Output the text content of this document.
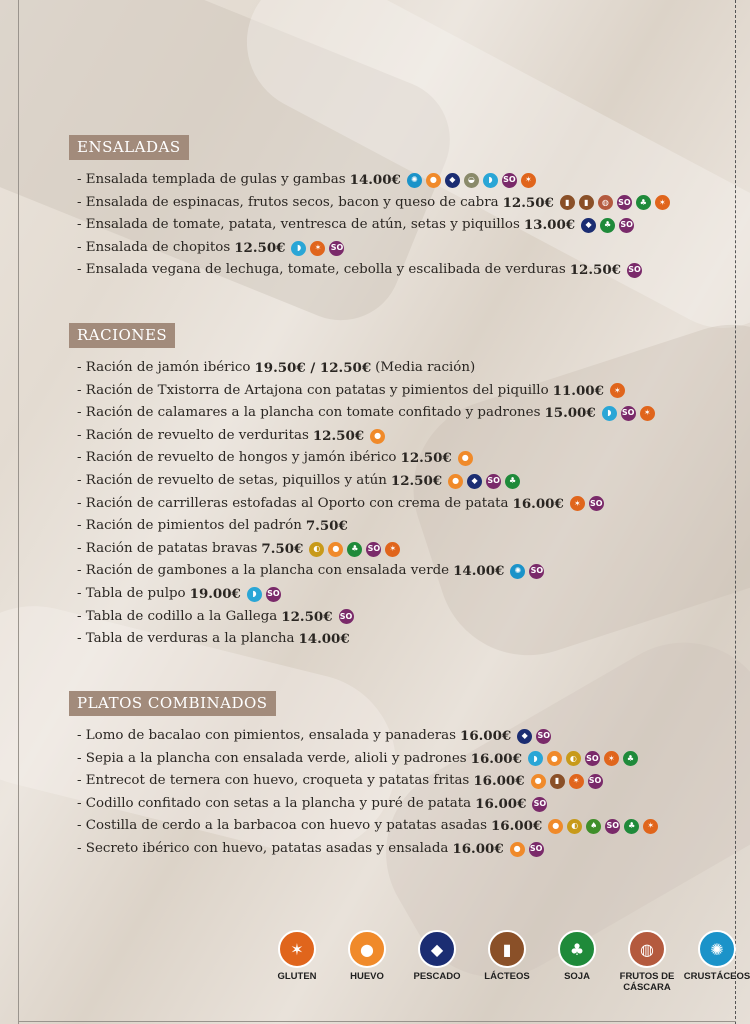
ENSALADAS
- Ensalada templada de gulas y gambas 14.00€	✺	●	◆	◒	◗	SO	✶
- Ensalada de espinacas, frutos secos, bacon y queso de cabra 12.50€	▮	▮	◍	SO	♣	✶
- Ensalada de tomate, patata, ventresca de atún, setas y piquillos 13.00€	◆	♣	SO
- Ensalada de chopitos 12.50€	◗	✶	SO
- Ensalada vegana de lechuga, tomate, cebolla y escalibada de verduras 12.50€ SO
RACIONES
- Ración de jamón ibérico 19.50€ / 12.50€ (Media ración)
- Ración de Txistorra de Artajona con patatas y pimientos del piquillo 11.00€	✶
- Ración de calamares a la plancha con tomate confitado y padrones 15.00€	◗	SO	✶
- Ración de revuelto de verduritas 12.50€	●
- Ración de revuelto de hongos y jamón ibérico 12.50€	●
- Ración de revuelto de setas, piquillos y atún 12.50€	●	◆	SO	♣
- Ración de carrilleras estofadas al Oporto con crema de patata 16.00€	✶	SO
- Ración de pimientos del padrón 7.50€
- Ración de patatas bravas 7.50€	◐	●	♣	SO	✶
- Ración de gambones a la plancha con ensalada verde 14.00€	✺	SO
- Tabla de pulpo 19.00€	◗	SO
- Tabla de codillo a la Gallega 12.50€ SO
- Tabla de verduras a la plancha 14.00€
PLATOS COMBINADOS
- Lomo de bacalao con pimientos, ensalada y panaderas 16.00€	◆	SO
- Sepia a la plancha con ensalada verde, alioli y padrones 16.00€	◗	●	◐	SO	✶	♣
- Entrecot de ternera con huevo, croqueta y patatas fritas 16.00€	●	▮	✶	SO
- Codillo confitado con setas a la plancha y puré de patata 16.00€ SO
- Costilla de cerdo a la barbacoa con huevo y patatas asadas 16.00€	●	◐	♠	SO	♣	✶
- Secreto ibérico con huevo, patatas asadas y ensalada 16.00€	●	SO
✶
GLUTEN
●
HUEVO
◆
PESCADO
▮
LÁCTEOS
♣
SOJA
◍
FRUTOS DE CÁSCARA
✺
CRUSTÁCEOS
